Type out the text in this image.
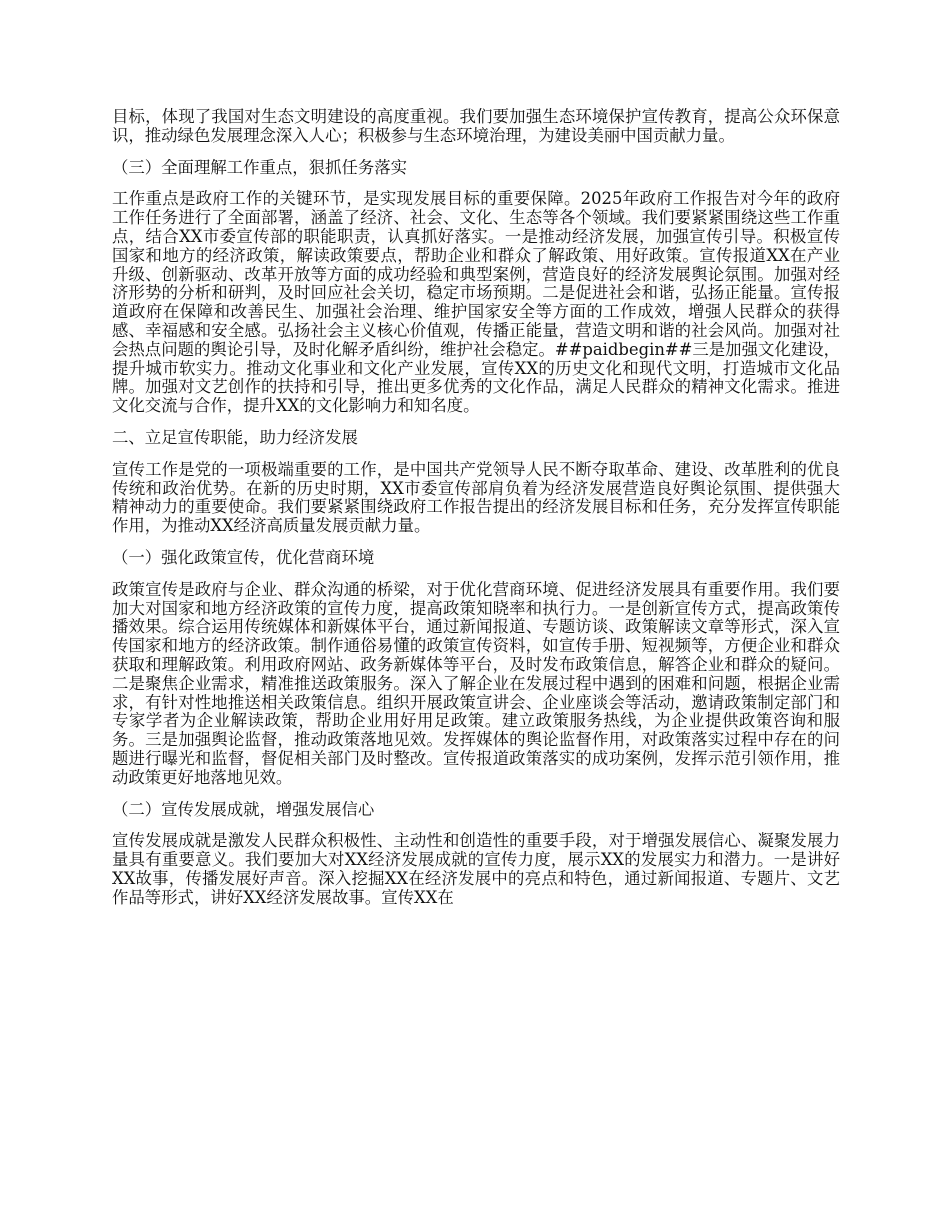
目标，体现了我国对生态文明建设的高度重视。我们要加强生态环境保护宣传教育，提高公众环保意识，推动绿色发展理念深入人心；积极参与生态环境治理，为建设美丽中国贡献力量。

（三）全面理解工作重点，狠抓任务落实

工作重点是政府工作的关键环节，是实现发展目标的重要保障。2025年政府工作报告对今年的政府工作任务进行了全面部署，涵盖了经济、社会、文化、生态等各个领域。我们要紧紧围绕这些工作重点，结合XX市委宣传部的职能职责，认真抓好落实。一是推动经济发展，加强宣传引导。积极宣传国家和地方的经济政策，解读政策要点，帮助企业和群众了解政策、用好政策。宣传报道XX在产业升级、创新驱动、改革开放等方面的成功经验和典型案例，营造良好的经济发展舆论氛围。加强对经济形势的分析和研判，及时回应社会关切，稳定市场预期。二是促进社会和谐，弘扬正能量。宣传报道政府在保障和改善民生、加强社会治理、维护国家安全等方面的工作成效，增强人民群众的获得感、幸福感和安全感。弘扬社会主义核心价值观，传播正能量，营造文明和谐的社会风尚。加强对社会热点问题的舆论引导，及时化解矛盾纠纷，维护社会稳定。##paidbegin##三是加强文化建设，提升城市软实力。推动文化事业和文化产业发展，宣传XX的历史文化和现代文明，打造城市文化品牌。加强对文艺创作的扶持和引导，推出更多优秀的文化作品，满足人民群众的精神文化需求。推进文化交流与合作，提升XX的文化影响力和知名度。

二、立足宣传职能，助力经济发展

宣传工作是党的一项极端重要的工作，是中国共产党领导人民不断夺取革命、建设、改革胜利的优良传统和政治优势。在新的历史时期，XX市委宣传部肩负着为经济发展营造良好舆论氛围、提供强大精神动力的重要使命。我们要紧紧围绕政府工作报告提出的经济发展目标和任务，充分发挥宣传职能作用，为推动XX经济高质量发展贡献力量。

（一）强化政策宣传，优化营商环境

政策宣传是政府与企业、群众沟通的桥梁，对于优化营商环境、促进经济发展具有重要作用。我们要加大对国家和地方经济政策的宣传力度，提高政策知晓率和执行力。一是创新宣传方式，提高政策传播效果。综合运用传统媒体和新媒体平台，通过新闻报道、专题访谈、政策解读文章等形式，深入宣传国家和地方的经济政策。制作通俗易懂的政策宣传资料，如宣传手册、短视频等，方便企业和群众获取和理解政策。利用政府网站、政务新媒体等平台，及时发布政策信息，解答企业和群众的疑问。二是聚焦企业需求，精准推送政策服务。深入了解企业在发展过程中遇到的困难和问题，根据企业需求，有针对性地推送相关政策信息。组织开展政策宣讲会、企业座谈会等活动，邀请政策制定部门和专家学者为企业解读政策，帮助企业用好用足政策。建立政策服务热线，为企业提供政策咨询和服务。三是加强舆论监督，推动政策落地见效。发挥媒体的舆论监督作用，对政策落实过程中存在的问题进行曝光和监督，督促相关部门及时整改。宣传报道政策落实的成功案例，发挥示范引领作用，推动政策更好地落地见效。

（二）宣传发展成就，增强发展信心

宣传发展成就是激发人民群众积极性、主动性和创造性的重要手段，对于增强发展信心、凝聚发展力量具有重要意义。我们要加大对XX经济发展成就的宣传力度，展示XX的发展实力和潜力。一是讲好XX故事，传播发展好声音。深入挖掘XX在经济发展中的亮点和特色，通过新闻报道、专题片、文艺作品等形式，讲好XX经济发展故事。宣传XX在
